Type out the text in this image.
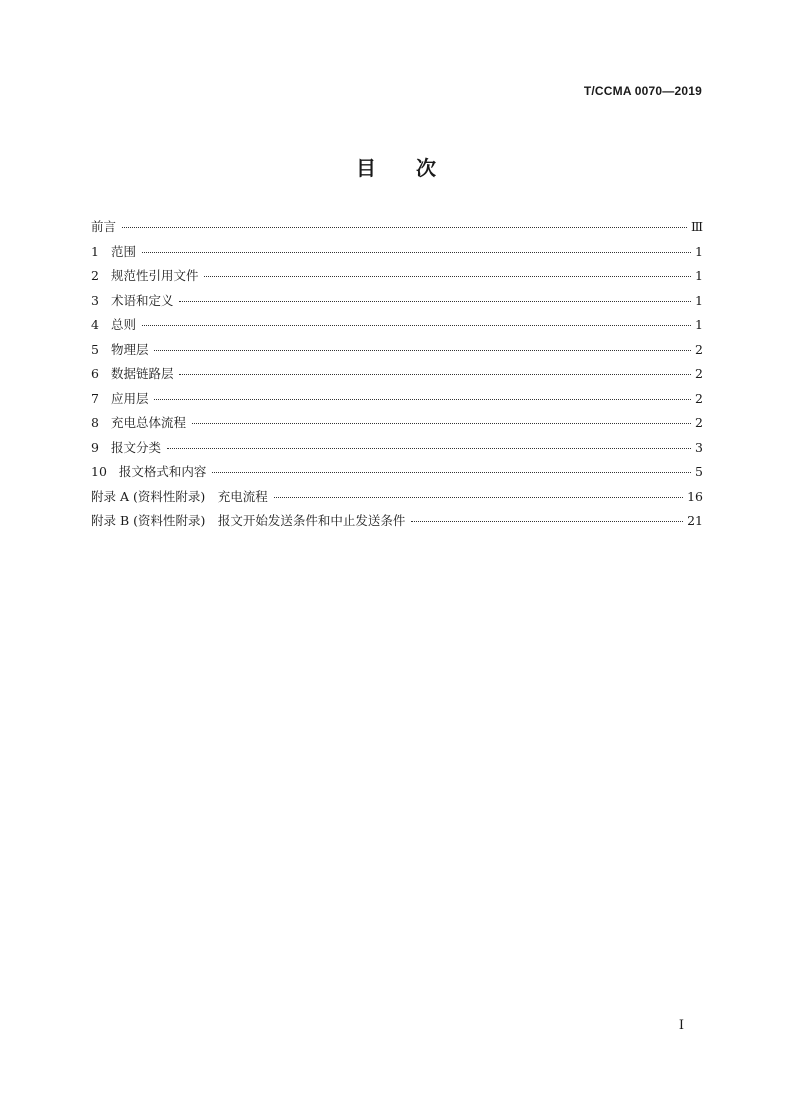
T/CCMA 0070—2019
目次
前言	Ⅲ
1 范围	1
2 规范性引用文件	1
3 术语和定义	1
4 总则	1
5 物理层	2
6 数据链路层	2
7 应用层	2
8 充电总体流程	2
9 报文分类	3
10 报文格式和内容	5
附录 A (资料性附录)　充电流程	16
附录 B (资料性附录)　报文开始发送条件和中止发送条件	21
I
